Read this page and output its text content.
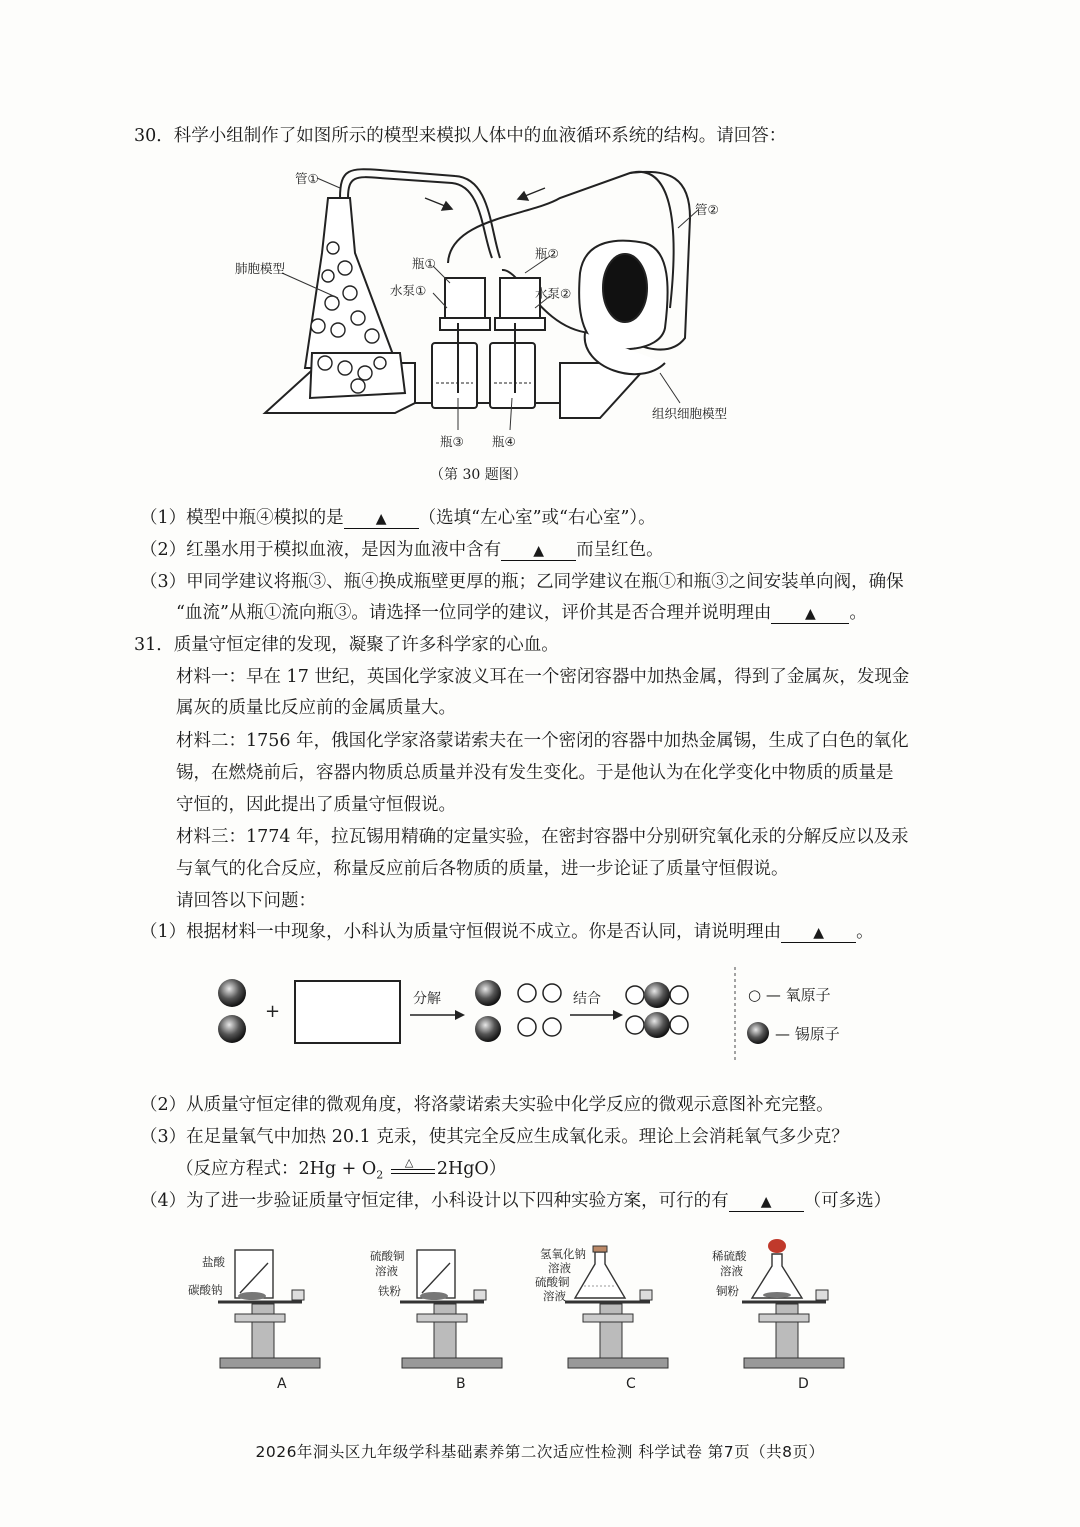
30．科学小组制作了如图所示的模型来模拟人体中的血液循环系统的结构。请回答：
管①
肺胞模型
管②
瓶①
水泵①
瓶②
水泵②
瓶③ 瓶④
组织细胞模型
（第 30 题图）
（1）模型中瓶④模拟的是 ▲ （选填“左心室”或“右心室”）。
（2）红墨水用于模拟血液，是因为血液中含有 ▲ 而呈红色。
（3）甲同学建议将瓶③、瓶④换成瓶壁更厚的瓶；乙同学建议在瓶①和瓶③之间安装单向阀，确保
“血流”从瓶①流向瓶③。请选择一位同学的建议，评价其是否合理并说明理由 ▲ 。
31．质量守恒定律的发现，凝聚了许多科学家的心血。
材料一：早在 17 世纪，英国化学家波义耳在一个密闭容器中加热金属，得到了金属灰，发现金
属灰的质量比反应前的金属质量大。
材料二：1756 年，俄国化学家洛蒙诺索夫在一个密闭的容器中加热金属锡，生成了白色的氧化
锡，在燃烧前后，容器内物质总质量并没有发生变化。于是他认为在化学变化中物质的质量是
守恒的，因此提出了质量守恒假说。
材料三：1774 年，拉瓦锡用精确的定量实验，在密封容器中分别研究氧化汞的分解反应以及汞
与氧气的化合反应，称量反应前后各物质的质量，进一步论证了质量守恒假说。
请回答以下问题：
（1）根据材料一中现象，小科认为质量守恒假说不成立。你是否认同，请说明理由 ▲ 。
+
分解	结合	○ — 氧原子
— 锡原子
（2）从质量守恒定律的微观角度，将洛蒙诺索夫实验中化学反应的微观示意图补充完整。
（3）在足量氧气中加热 20.1 克汞，使其完全反应生成氧化汞。理论上会消耗氧气多少克？
（反应方程式：$2Hg + O_2$
△ 2HgO）
（4）为了进一步验证质量守恒定律，小科设计以下四种实验方案，可行的有 ▲ （可多选）
盐酸
碳酸钠
A
硫酸铜
溶液
铁粉
B
氢氧化钠
溶液
硫酸铜
溶液
C
稀硫酸
溶液
铜粉
D
2026年洞头区九年级学科基础素养第二次适应性检测 科学试卷 第7页（共8页）
